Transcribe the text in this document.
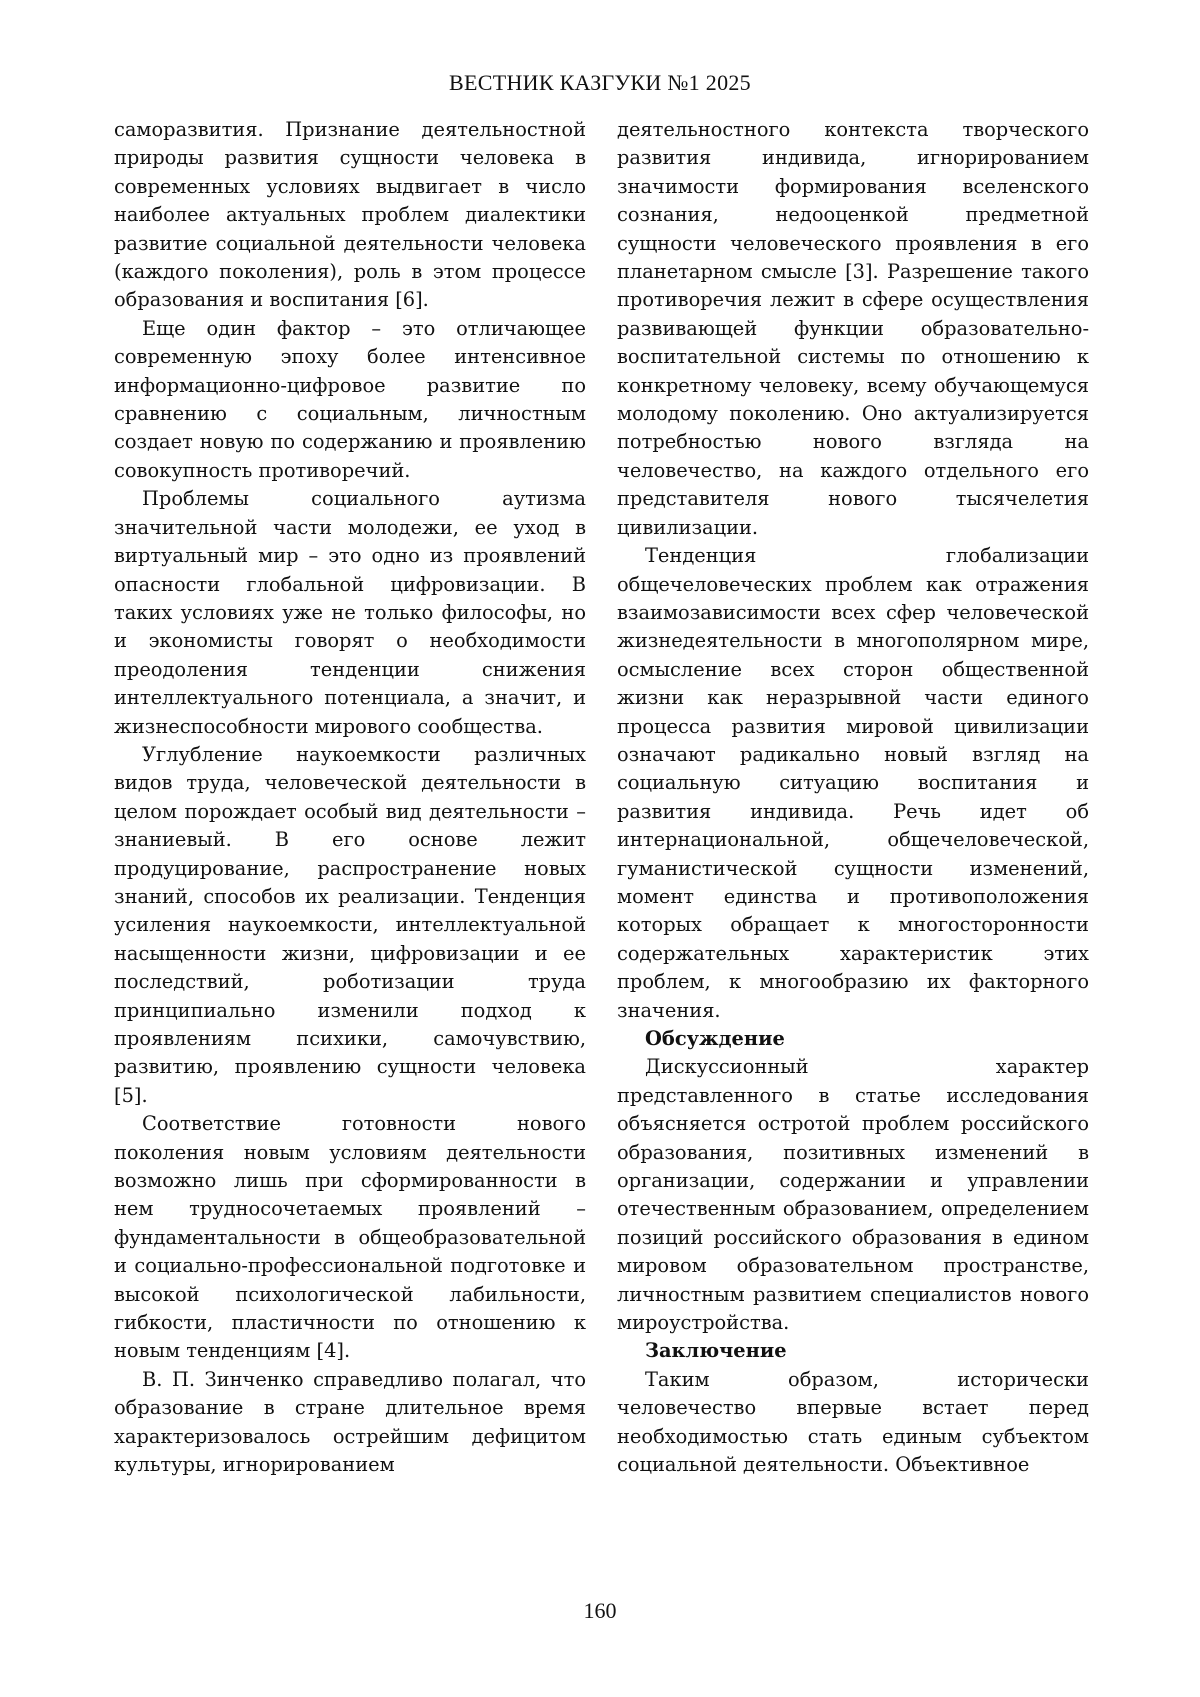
ВЕСТНИК КАЗГУКИ №1 2025

саморазвития. Признание деятельностной природы развития сущности человека в современных условиях выдвигает в число наиболее актуальных проблем диалектики развитие социальной деятельности человека (каждого поколения), роль в этом процессе образования и воспитания [6].

Еще один фактор – это отличающее современную эпоху более интенсивное информационно-цифровое развитие по сравнению с социальным, личностным создает новую по содержанию и проявлению совокупность противоречий.

Проблемы социального аутизма значительной части молодежи, ее уход в виртуальный мир – это одно из проявлений опасности глобальной цифровизации. В таких условиях уже не только философы, но и экономисты говорят о необходимости преодоления тенденции снижения интеллектуального потенциала, а значит, и жизнеспособности мирового сообщества.

Углубление наукоемкости различных видов труда, человеческой деятельности в целом порождает особый вид деятельности – знаниевый. В его основе лежит продуцирование, распространение новых знаний, способов их реализации. Тенденция усиления наукоемкости, интеллектуальной насыщенности жизни, цифровизации и ее последствий, роботизации труда принципиально изменили подход к проявлениям психики, самочувствию, развитию, проявлению сущности человека [5].

Соответствие готовности нового поколения новым условиям деятельности возможно лишь при сформированности в нем трудносочетаемых проявлений – фундаментальности в общеобразовательной и социально-профессиональной подготовке и высокой психологической лабильности, гибкости, пластичности по отношению к новым тенденциям [4].

В. П. Зинченко справедливо полагал, что образование в стране длительное время характеризовалось острейшим дефицитом культуры, игнорированием

деятельностного контекста творческого развития индивида, игнорированием значимости формирования вселенского сознания, недооценкой предметной сущности человеческого проявления в его планетарном смысле [3]. Разрешение такого противоречия лежит в сфере осуществления развивающей функции образовательно-воспитательной системы по отношению к конкретному человеку, всему обучающемуся молодому поколению. Оно актуализируется потребностью нового взгляда на человечество, на каждого отдельного его представителя нового тысячелетия цивилизации.

Тенденция глобализации общечеловеческих проблем как отражения взаимозависимости всех сфер человеческой жизнедеятельности в многополярном мире, осмысление всех сторон общественной жизни как неразрывной части единого процесса развития мировой цивилизации означают радикально новый взгляд на социальную ситуацию воспитания и развития индивида. Речь идет об интернациональной, общечеловеческой, гуманистической сущности изменений, момент единства и противоположения которых обращает к многосторонности содержательных характеристик этих проблем, к многообразию их факторного значения.

Обсуждение

Дискуссионный характер представленного в статье исследования объясняется остротой проблем российского образования, позитивных изменений в организации, содержании и управлении отечественным образованием, определением позиций российского образования в едином мировом образовательном пространстве, личностным развитием специалистов нового мироустройства.

Заключение

Таким образом, исторически человечество впервые встает перед необходимостью стать единым субъектом социальной деятельности. Объективное

160
